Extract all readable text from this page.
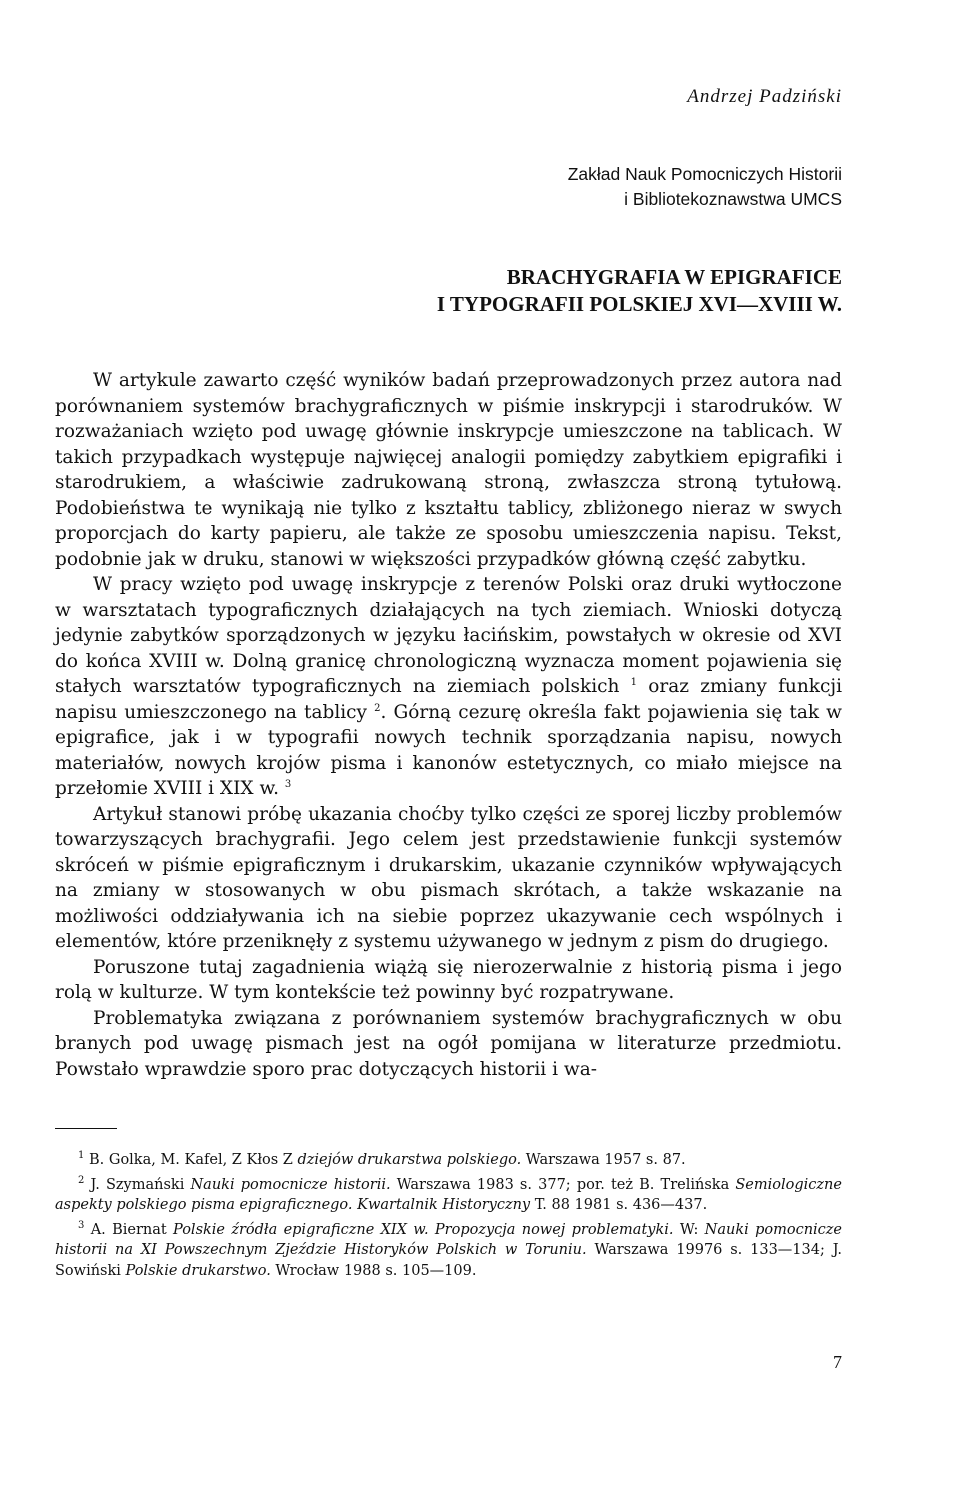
Andrzej Padziński
Zakład Nauk Pomocniczych Historii
i Bibliotekoznawstwa UMCS
BRACHYGRAFIA W EPIGRAFICE
I TYPOGRAFII POLSKIEJ XVI—XVIII W.

W artykule zawarto część wyników badań przeprowadzonych przez autora nad porównaniem systemów brachygraficznych w piśmie inskrypcji i starodruków. W rozważaniach wzięto pod uwagę głównie inskrypcje umieszczone na tablicach. W takich przypadkach występuje najwięcej analogii pomiędzy zabytkiem epigrafiki i starodrukiem, a właściwie zadrukowaną stroną, zwłaszcza stroną tytułową. Podobieństwa te wynikają nie tylko z kształtu tablicy, zbliżonego nieraz w swych proporcjach do karty papieru, ale także ze sposobu umieszczenia napisu. Tekst, podobnie jak w druku, stanowi w większości przypadków główną część zabytku.

W pracy wzięto pod uwagę inskrypcje z terenów Polski oraz druki wytłoczone w warsztatach typograficznych działających na tych ziemiach. Wnioski dotyczą jedynie zabytków sporządzonych w języku łacińskim, powstałych w okresie od XVI do końca XVIII w. Dolną granicę chronologiczną wyznacza moment pojawienia się stałych warsztatów typograficznych na ziemiach polskich $^1$ oraz zmiany funkcji napisu umieszczonego na tablicy $^2$. Górną cezurę określa fakt pojawienia się tak w epigrafice, jak i w typografii nowych technik sporządzania napisu, nowych materiałów, nowych krojów pisma i kanonów estetycznych, co miało miejsce na przełomie XVIII i XIX w. $^3$

Artykuł stanowi próbę ukazania choćby tylko części ze sporej liczby problemów towarzyszących brachygrafii. Jego celem jest przedstawienie funkcji systemów skróceń w piśmie epigraficznym i drukarskim, ukazanie czynników wpływających na zmiany w stosowanych w obu pismach skrótach, a także wskazanie na możliwości oddziaływania ich na siebie poprzez ukazywanie cech wspólnych i elementów, które przeniknęły z systemu używanego w jednym z pism do drugiego.

Poruszone tutaj zagadnienia wiążą się nierozerwalnie z historią pisma i jego rolą w kulturze. W tym kontekście też powinny być rozpatrywane.

Problematyka związana z porównaniem systemów brachygraficznych w obu branych pod uwagę pismach jest na ogół pomijana w literaturze przedmiotu. Powstało wprawdzie sporo prac dotyczących historii i wa-

$^1$ B. Golka, M. Kafel, Z Kłos Z dziejów drukarstwa polskiego. Warszawa 1957 s. 87.

$^2$ J. Szymański Nauki pomocnicze historii. Warszawa 1983 s. 377; por. też B. Trelińska Semiologiczne aspekty polskiego pisma epigraficznego. Kwartalnik Historyczny T. 88 1981 s. 436—437.

$^3$ A. Biernat Polskie źródła epigraficzne XIX w. Propozycja nowej problematyki. W: Nauki pomocnicze historii na XI Powszechnym Zjeździe Historyków Polskich w Toruniu. Warszawa 19976 s. 133—134; J. Sowiński Polskie drukarstwo. Wrocław 1988 s. 105—109.

7
